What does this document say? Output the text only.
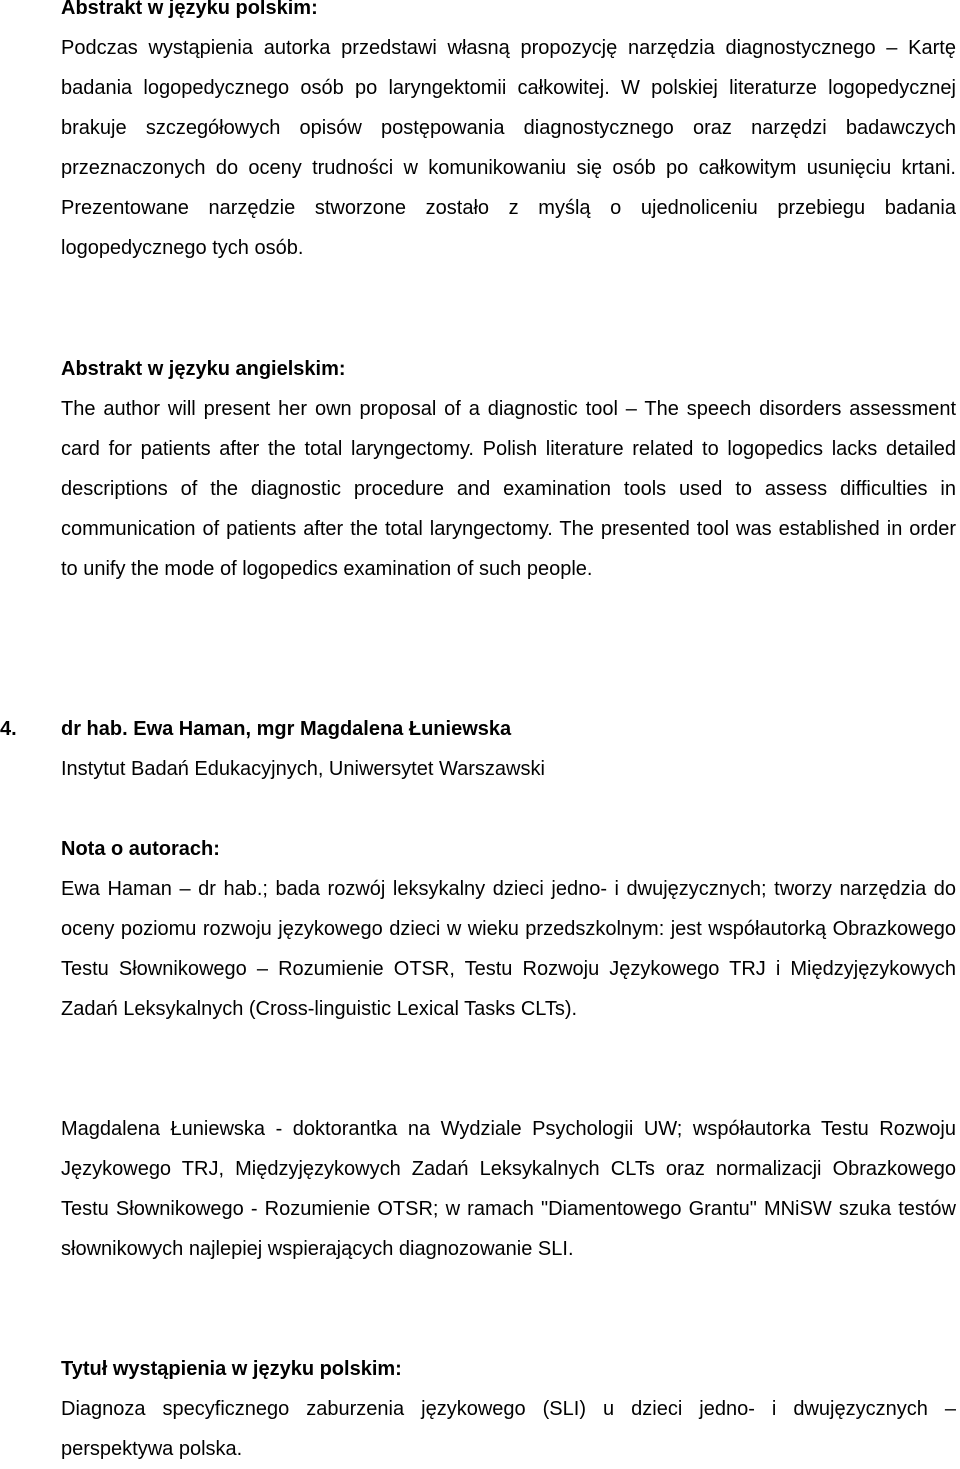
Abstrakt w języku polskim:

Podczas wystąpienia autorka przedstawi własną propozycję narzędzia diagnostycznego – Kartę badania logopedycznego osób po laryngektomii całkowitej. W polskiej literaturze logopedycznej brakuje szczegółowych opisów postępowania diagnostycznego oraz narzędzi badawczych przeznaczonych do oceny trudności w komunikowaniu się osób po całkowitym usunięciu krtani. Prezentowane narzędzie stworzone zostało z myślą o ujednoliceniu przebiegu badania logopedycznego tych osób.

Abstrakt w języku angielskim:

The author will present her own proposal of a diagnostic tool – The speech disorders assessment card for patients after the total laryngectomy. Polish literature related to logopedics lacks detailed descriptions of the diagnostic procedure and examination tools used to assess difficulties in communication of patients after the total laryngectomy. The presented tool was established in order to unify the mode of logopedics examination of such people.

4. dr hab. Ewa Haman, mgr Magdalena Łuniewska

Instytut Badań Edukacyjnych, Uniwersytet Warszawski

Nota o autorach:

Ewa Haman – dr hab.; bada rozwój leksykalny dzieci jedno- i dwujęzycznych; tworzy narzędzia do oceny poziomu rozwoju językowego dzieci w wieku przedszkolnym: jest współautorką Obrazkowego Testu Słownikowego – Rozumienie OTSR, Testu Rozwoju Językowego TRJ i Międzyjęzykowych Zadań Leksykalnych (Cross-linguistic Lexical Tasks CLTs).

Magdalena Łuniewska - doktorantka na Wydziale Psychologii UW; współautorka Testu Rozwoju Językowego TRJ, Międzyjęzykowych Zadań Leksykalnych CLTs oraz normalizacji Obrazkowego Testu Słownikowego - Rozumienie OTSR; w ramach "Diamentowego Grantu" MNiSW szuka testów słownikowych najlepiej wspierających diagnozowanie SLI.

Tytuł wystąpienia w języku polskim:

Diagnoza specyficznego zaburzenia językowego (SLI) u dzieci jedno- i dwujęzycznych – perspektywa polska.
